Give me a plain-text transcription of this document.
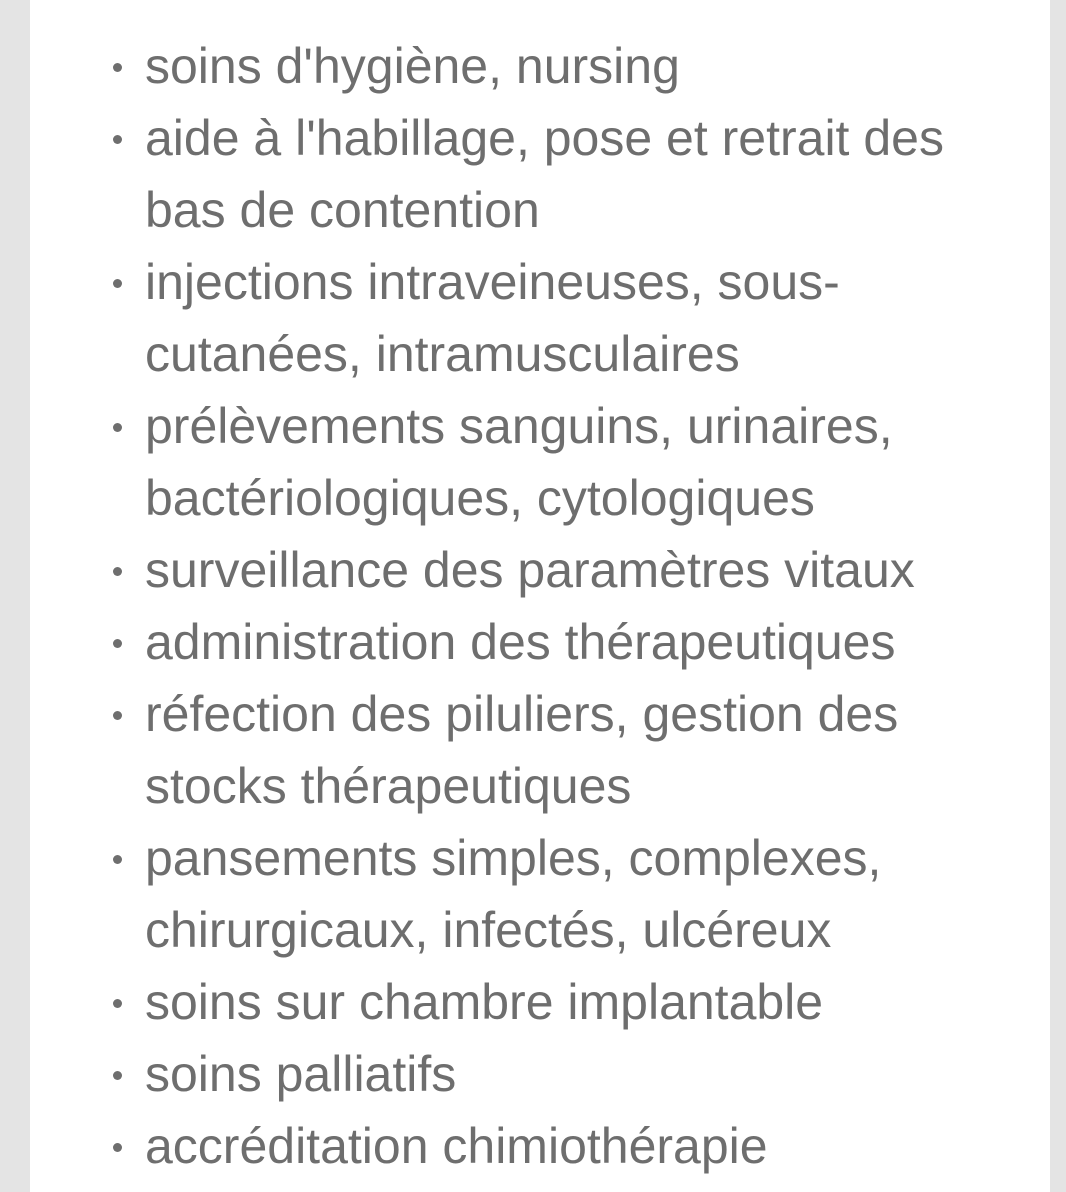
soins d'hygiène, nursing
aide à l'habillage, pose et retrait des
bas de contention
injections intraveineuses, sous-
cutanées, intramusculaires
prélèvements sanguins, urinaires,
bactériologiques, cytologiques
surveillance des paramètres vitaux
administration des thérapeutiques
réfection des piluliers, gestion des
stocks thérapeutiques
pansements simples, complexes,
chirurgicaux, infectés, ulcéreux
soins sur chambre implantable
soins palliatifs
accréditation chimiothérapie
